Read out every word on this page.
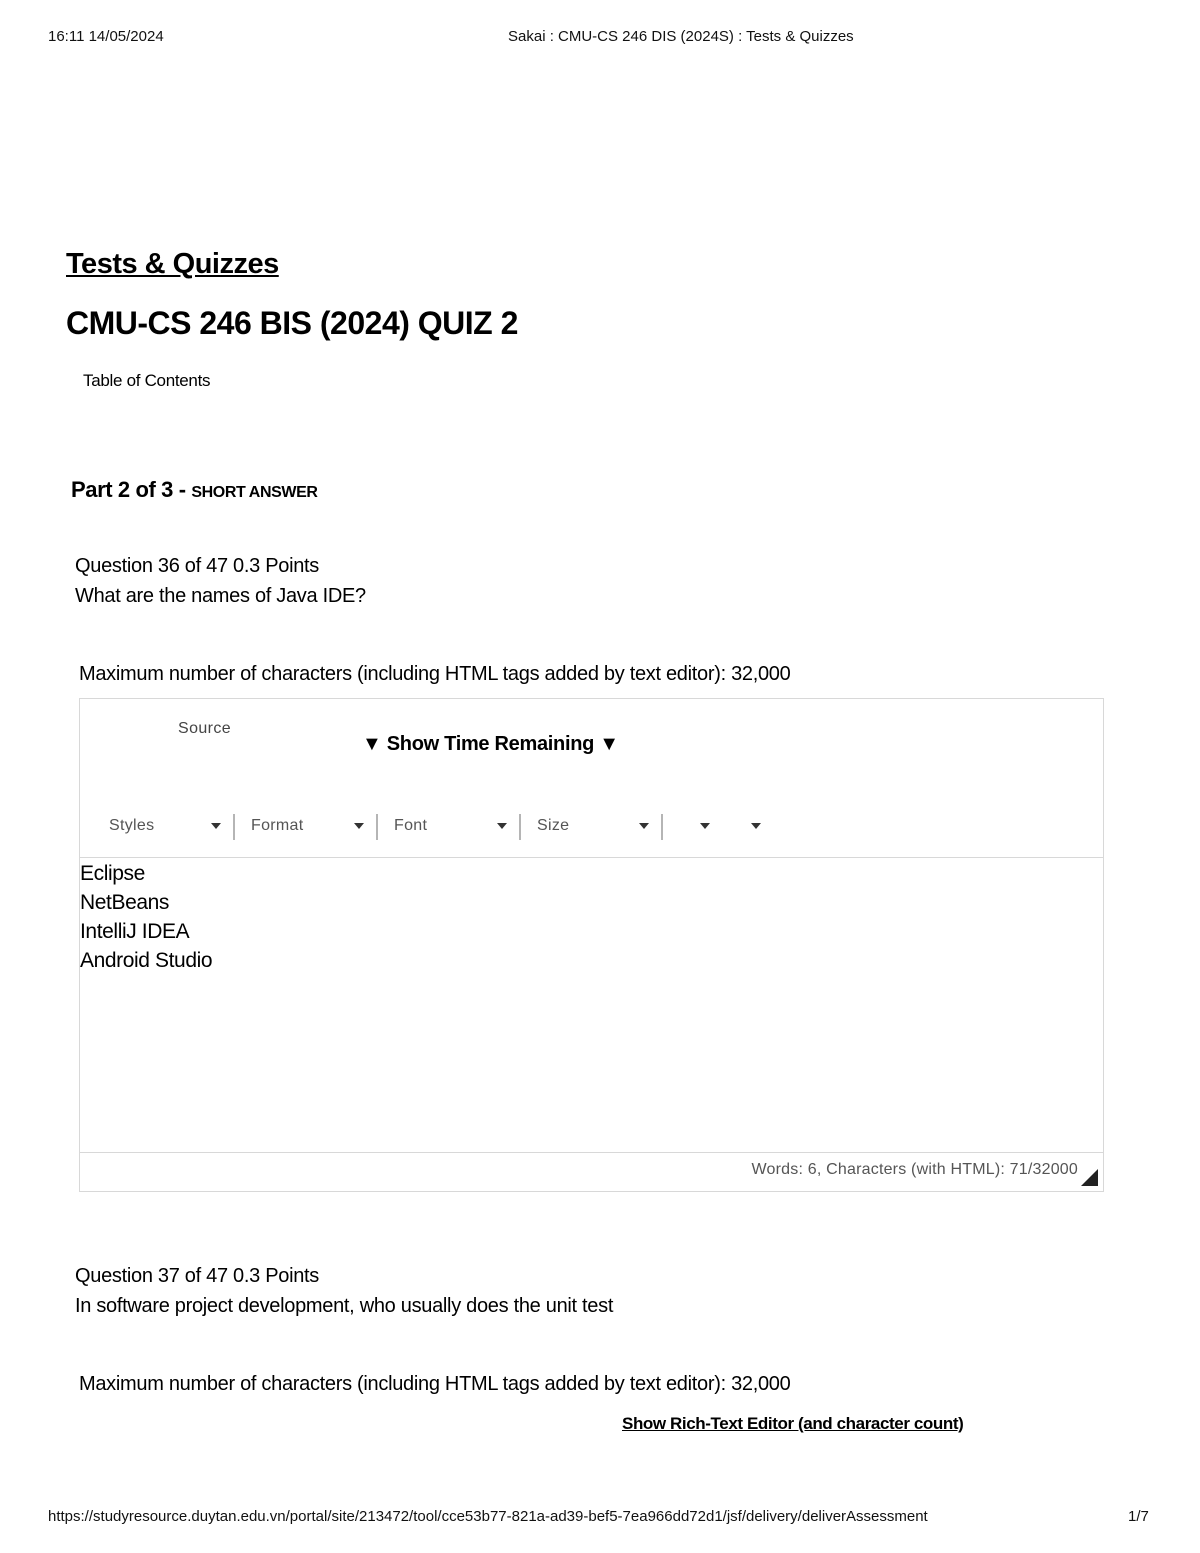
16:11 14/05/2024	Sakai : CMU-CS 246 DIS (2024S) : Tests & Quizzes
Tests & Quizzes
CMU-CS 246 BIS (2024) QUIZ 2
Table of Contents
Part 2 of 3 - SHORT ANSWER
Question 36 of 47 0.3 Points
What are the names of Java IDE?
Maximum number of characters (including HTML tags added by text editor): 32,000
Source
▼ Show Time Remaining ▼
Styles	Format	Font	Size
Eclipse
NetBeans
IntelliJ IDEA
Android Studio
Words: 6, Characters (with HTML): 71/32000
Question 37 of 47 0.3 Points
In software project development, who usually does the unit test
Maximum number of characters (including HTML tags added by text editor): 32,000
Show Rich-Text Editor (and character count)
https://studyresource.duytan.edu.vn/portal/site/213472/tool/cce53b77-821a-ad39-bef5-7ea966dd72d1/jsf/delivery/deliverAssessment	1/7
